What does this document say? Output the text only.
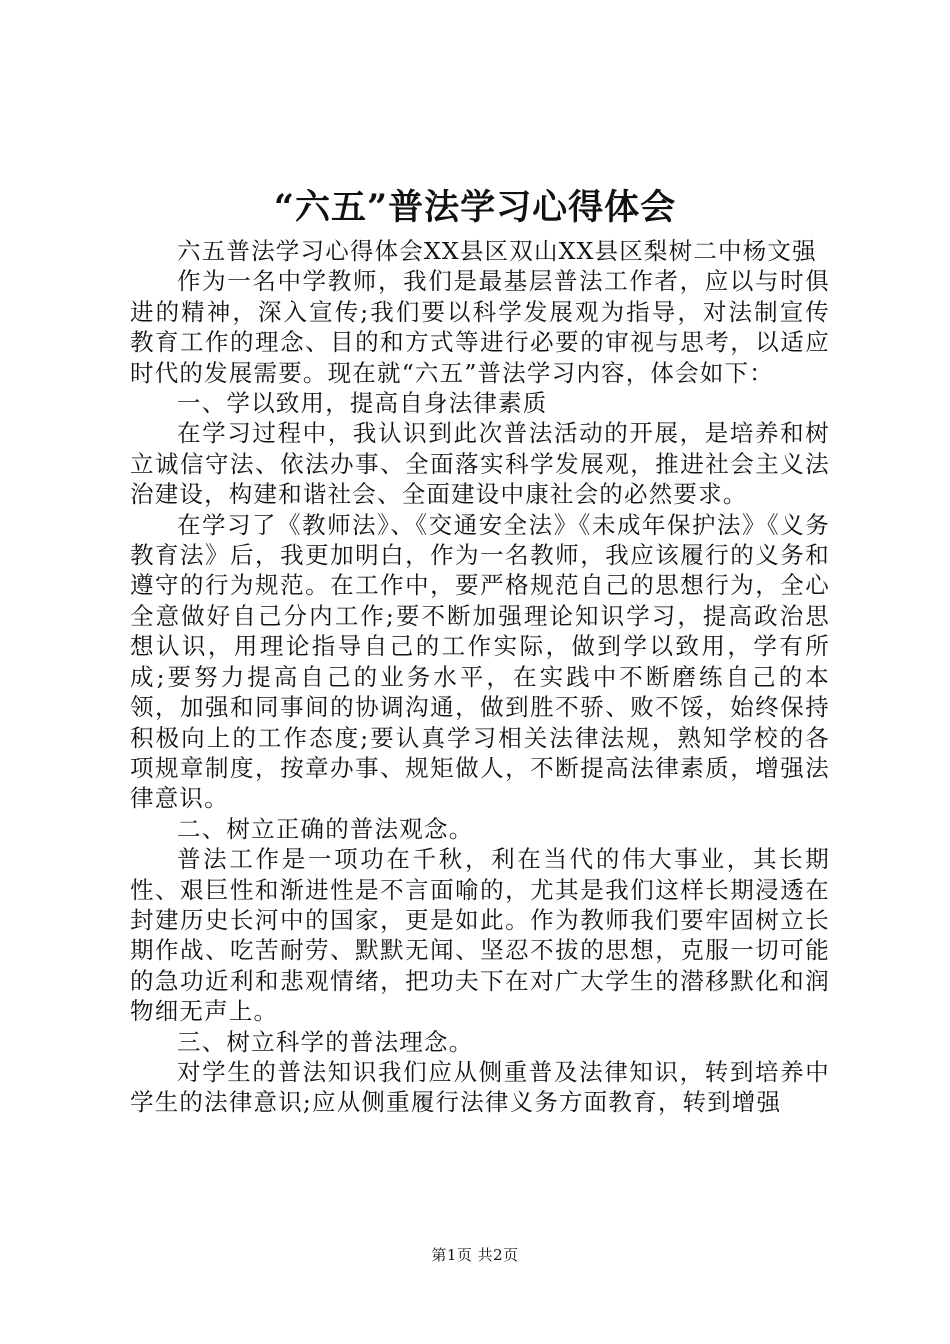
“六五”普法学习心得体会

六五普法学习心得体会XX县区双山XX县区梨树二中杨文强

作为一名中学教师，我们是最基层普法工作者，应以与时俱进的精神，深入宣传;我们要以科学发展观为指导，对法制宣传教育工作的理念、目的和方式等进行必要的审视与思考，以适应时代的发展需要。现在就“六五”普法学习内容，体会如下：

一、学以致用，提高自身法律素质

在学习过程中，我认识到此次普法活动的开展，是培养和树立诚信守法、依法办事、全面落实科学发展观，推进社会主义法治建设，构建和谐社会、全面建设中康社会的必然要求。

在学习了《教师法》、《交通安全法》《未成年保护法》《义务教育法》后，我更加明白，作为一名教师，我应该履行的义务和遵守的行为规范。在工作中，要严格规范自己的思想行为，全心全意做好自己分内工作;要不断加强理论知识学习，提高政治思想认识，用理论指导自己的工作实际，做到学以致用，学有所成;要努力提高自己的业务水平，在实践中不断磨练自己的本领，加强和同事间的协调沟通，做到胜不骄、败不馁，始终保持积极向上的工作态度;要认真学习相关法律法规，熟知学校的各项规章制度，按章办事、规矩做人，不断提高法律素质，增强法律意识。

二、树立正确的普法观念。

普法工作是一项功在千秋，利在当代的伟大事业，其长期性、艰巨性和渐进性是不言面喻的，尤其是我们这样长期浸透在封建历史长河中的国家，更是如此。作为教师我们要牢固树立长期作战、吃苦耐劳、默默无闻、坚忍不拔的思想，克服一切可能的急功近利和悲观情绪，把功夫下在对广大学生的潜移默化和润物细无声上。

三、树立科学的普法理念。

对学生的普法知识我们应从侧重普及法律知识，转到培养中学生的法律意识;应从侧重履行法律义务方面教育，转到增强

第1页 共2页
